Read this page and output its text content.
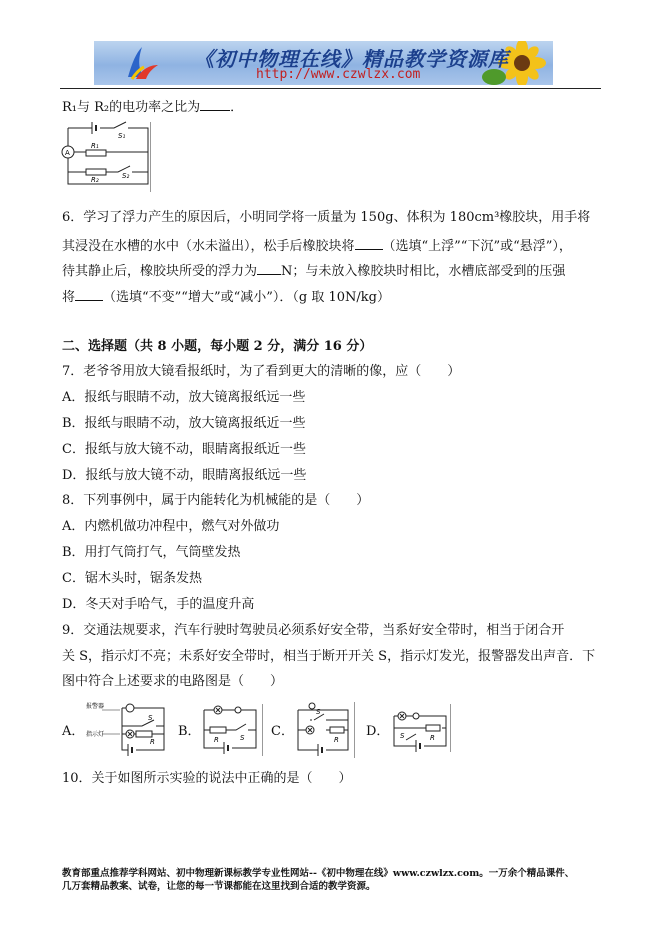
《初中物理在线》精品教学资源库
http://www.czwlzx.com
R₁与 R₂的电功率之比为 ．
A
S₁
R₁
S₂
R₂
6．学习了浮力产生的原因后，小明同学将一质量为 150g、体积为 180cm³橡胶块，用手将
其浸没在水槽的水中（水未溢出），松手后橡胶块将 （选填“上浮”“下沉”或“悬浮”），
待其静止后，橡胶块所受的浮力为 N；与未放入橡胶块时相比，水槽底部受到的压强
将 （选填“不变”“增大”或“减小”）．（g 取 10N/kg）
二、选择题（共 8 小题，每小题 2 分，满分 16 分）
7．老爷爷用放大镜看报纸时，为了看到更大的清晰的像，应（　　）
A．报纸与眼睛不动，放大镜离报纸远一些
B．报纸与眼睛不动，放大镜离报纸近一些
C．报纸与放大镜不动，眼睛离报纸近一些
D．报纸与放大镜不动，眼睛离报纸远一些
8．下列事例中，属于内能转化为机械能的是（　　）
A．内燃机做功冲程中，燃气对外做功
B．用打气筒打气，气筒壁发热
C．锯木头时，锯条发热
D．冬天对手哈气，手的温度升高
9．交通法规要求，汽车行驶时驾驶员必须系好安全带，当系好安全带时，相当于闭合开
关 S，指示灯不亮；未系好安全带时，相当于断开开关 S，指示灯发光，报警器发出声音．下
图中符合上述要求的电路图是（　　）
A．
报警器
指示灯
S
R
B．
R	S C．
S
R
D．	R
S
10．关于如图所示实验的说法中正确的是（　　）
教育部重点推荐学科网站、初中物理新课标教学专业性网站--《初中物理在线》www.czwlzx.com。一万余个精品课件、
几万套精品教案、试卷，让您的每一节课都能在这里找到合适的教学资源。
